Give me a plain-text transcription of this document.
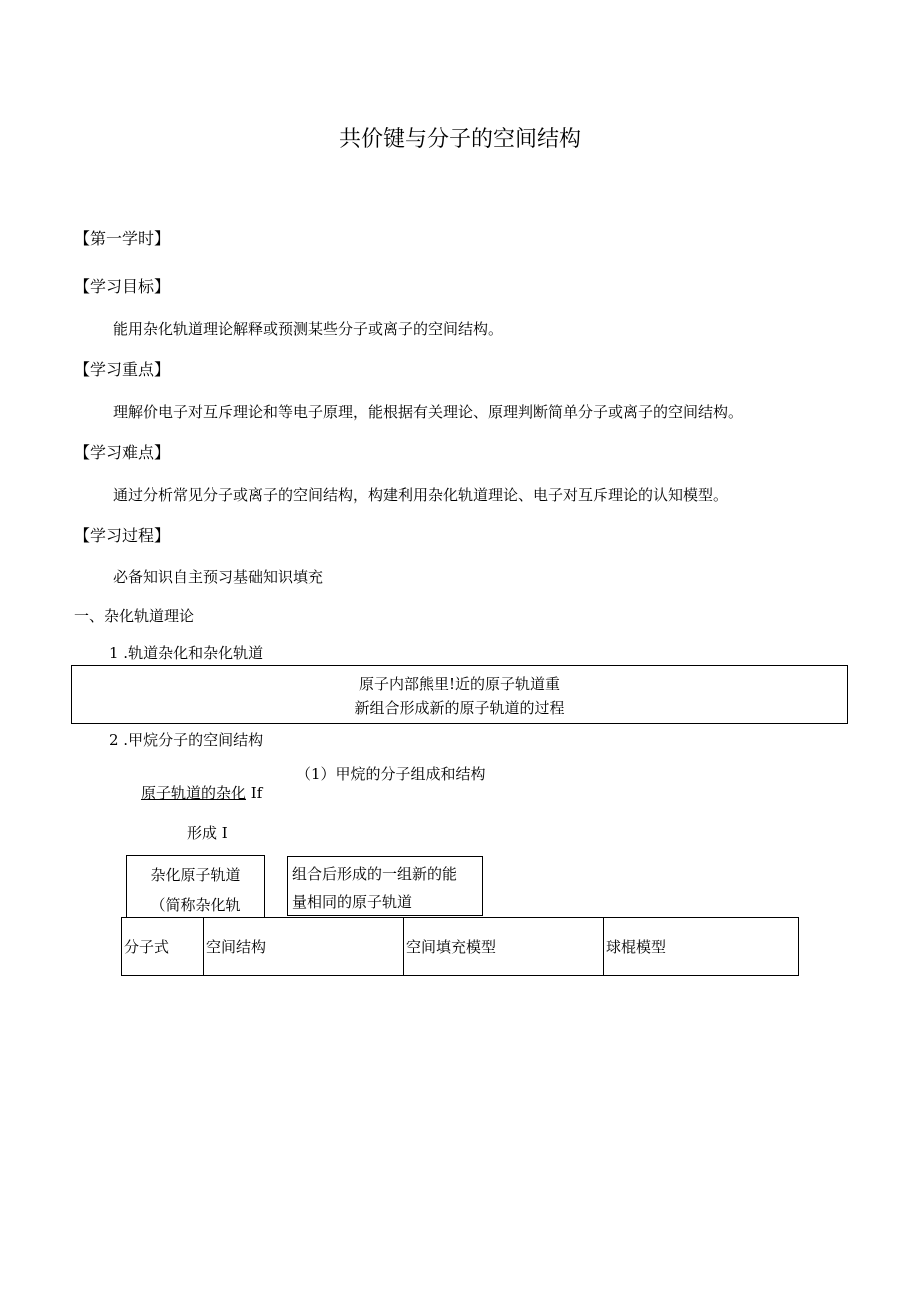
共价键与分子的空间结构
【第一学时】
【学习目标】
能用杂化轨道理论解释或预测某些分子或离子的空间结构。
【学习重点】
理解价电子对互斥理论和等电子原理，能根据有关理论、原理判断简单分子或离子的空间结构。
【学习难点】
通过分析常见分子或离子的空间结构，构建利用杂化轨道理论、电子对互斥理论的认知模型。
【学习过程】
必备知识自主预习基础知识填充
一、杂化轨道理论
1 .轨道杂化和杂化轨道
原子内部熊里!近的原子轨道重
新组合形成新的原子轨道的过程
2 .甲烷分子的空间结构
（1）甲烷的分子组成和结构
原子轨道的杂化 If
形成 I
杂化原子轨道
（简称杂化轨
组合后形成的一组新的能
量相同的原子轨道
分子式	空间结构	空间填充模型	球棍模型
